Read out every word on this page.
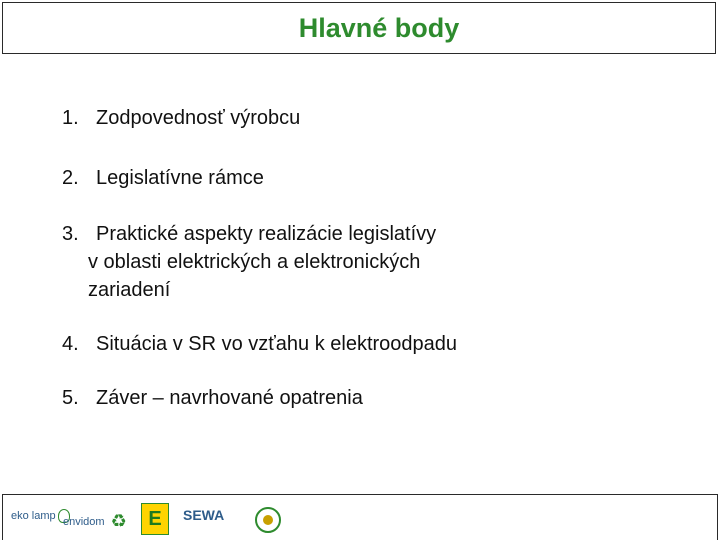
Hlavné body
1. Zodpovednosť výrobcu
2. Legislatívne rámce
3. Praktické aspekty realizácie legislatívy
v oblasti elektrických a elektronických
zariadení
4. Situácia v SR vo vzťahu k elektroodpadu
5. Záver – navrhované opatrenia
eko lamp envidom ♻ E SEWA
